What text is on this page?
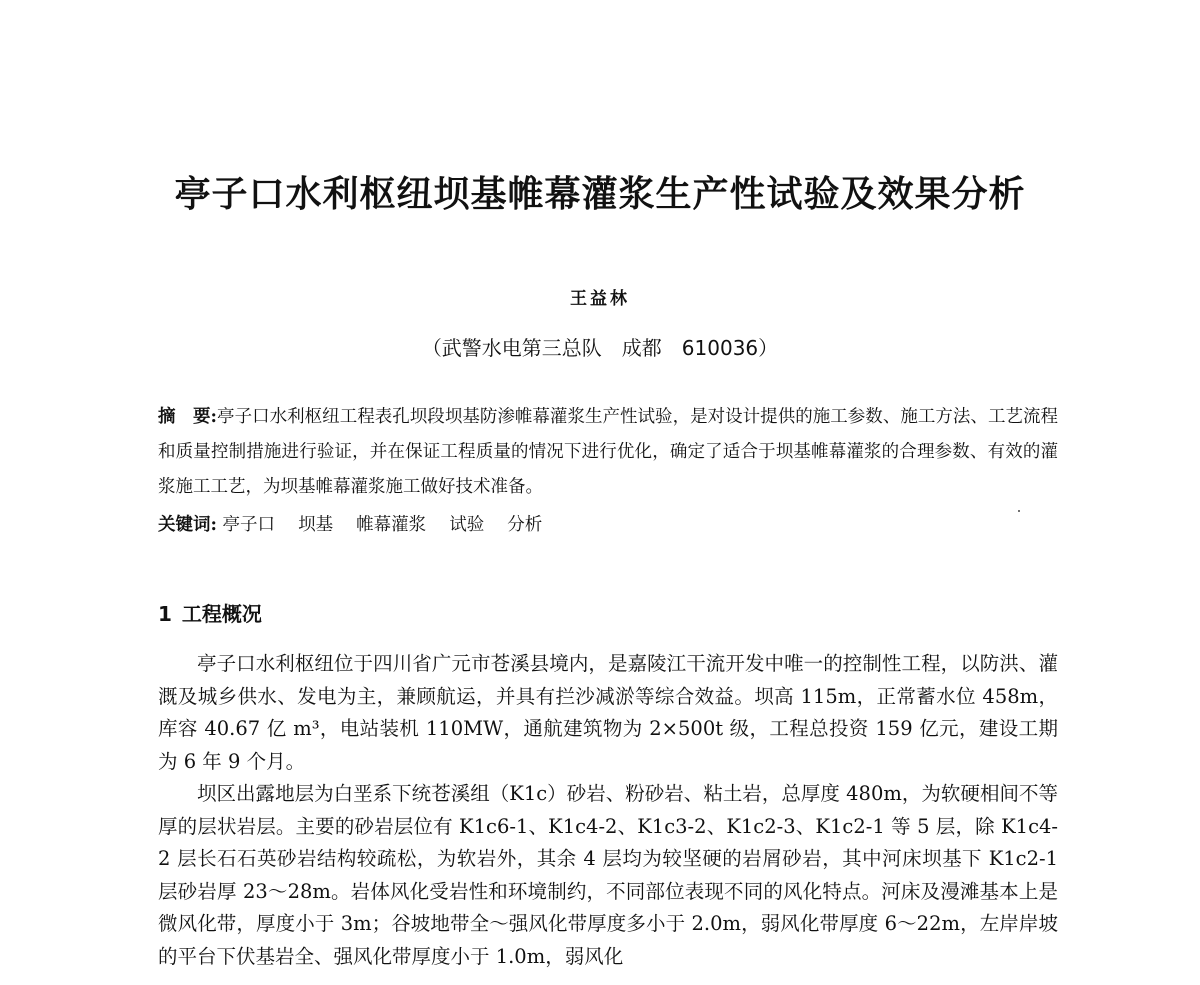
亭子口水利枢纽坝基帷幕灌浆生产性试验及效果分析
王益林
（武警水电第三总队　成都　610036）
摘　要:亭子口水利枢纽工程表孔坝段坝基防渗帷幕灌浆生产性试验，是对设计提供的施工参数、施工方法、工艺流程和质量控制措施进行验证，并在保证工程质量的情况下进行优化，确定了适合于坝基帷幕灌浆的合理参数、有效的灌浆施工工艺，为坝基帷幕灌浆施工做好技术准备。
关键词: 亭子口　 坝基　 帷幕灌浆　 试验　 分析
1 工程概况

亭子口水利枢纽位于四川省广元市苍溪县境内，是嘉陵江干流开发中唯一的控制性工程，以防洪、灌溉及城乡供水、发电为主，兼顾航运，并具有拦沙减淤等综合效益。坝高 115m，正常蓄水位 458m，库容 40.67 亿 m³，电站装机 110MW，通航建筑物为 2×500t 级，工程总投资 159 亿元，建设工期为 6 年 9 个月。

坝区出露地层为白垩系下统苍溪组（K1c）砂岩、粉砂岩、粘土岩，总厚度 480m，为软硬相间不等厚的层状岩层。主要的砂岩层位有 K1c6-1、K1c4-2、K1c3-2、K1c2-3、K1c2-1 等 5 层，除 K1c4-2 层长石石英砂岩结构较疏松，为软岩外，其余 4 层均为较坚硬的岩屑砂岩，其中河床坝基下 K1c2-1 层砂岩厚 23～28m。岩体风化受岩性和环境制约，不同部位表现不同的风化特点。河床及漫滩基本上是微风化带，厚度小于 3m；谷坡地带全～强风化带厚度多小于 2.0m，弱风化带厚度 6～22m，左岸岸坡的平台下伏基岩全、强风化带厚度小于 1.0m，弱风化
